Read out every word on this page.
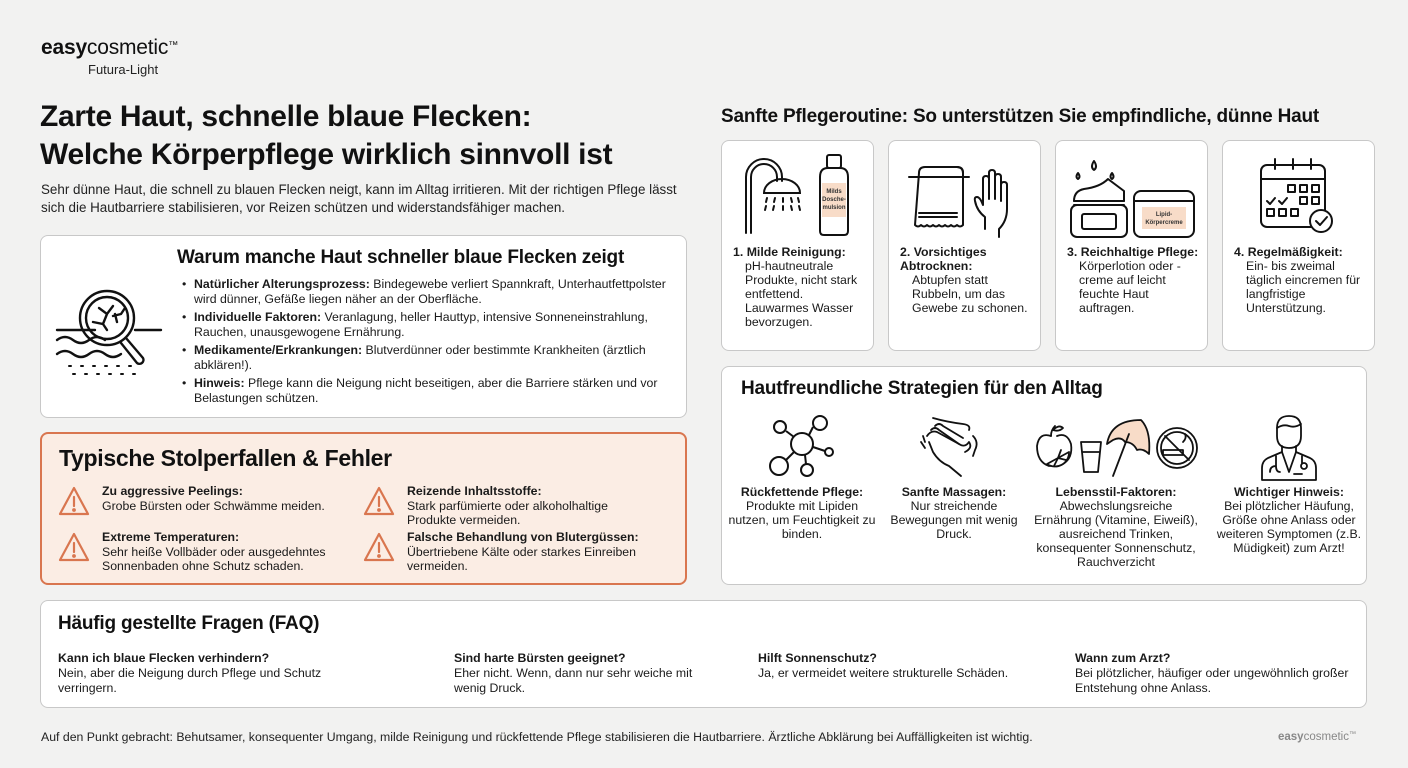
easycosmetic™
Futura-Light
Zarte Haut, schnelle blaue Flecken:
Welche Körperpflege wirklich sinnvoll ist

Sehr dünne Haut, die schnell zu blauen Flecken neigt, kann im Alltag irritieren. Mit der richtigen Pflege lässt sich die Hautbarriere stabilisieren, vor Reizen schützen und widerstandsfähiger machen.

Warum manche Haut schneller blaue Flecken zeigt
• Natürlicher Alterungsprozess: Bindegewebe verliert Spannkraft, Unterhautfettpolster wird dünner, Gefäße liegen näher an der Oberfläche.
• Individuelle Faktoren: Veranlagung, heller Hauttyp, intensive Sonneneinstrahlung, Rauchen, unausgewogene Ernährung.
• Medikamente/Erkrankungen: Blutverdünner oder bestimmte Krankheiten (ärztlich abklären!).
• Hinweis: Pflege kann die Neigung nicht beseitigen, aber die Barriere stärken und vor Belastungen schützen.
Typische Stolperfallen & Fehler
Zu aggressive Peelings:
Grobe Bürsten oder Schwämme meiden.
Reizende Inhaltsstoffe:
Stark parfümierte oder alkoholhaltige Produkte vermeiden.
Extreme Temperaturen:
Sehr heiße Vollbäder oder ausgedehntes Sonnenbaden ohne Schutz schaden.
Falsche Behandlung von Blutergüssen:
Übertriebene Kälte oder starkes Einreiben vermeiden.
Sanfte Pflegeroutine: So unterstützen Sie empfindliche, dünne Haut
Milds
Dosche-
mulsion
1. Milde Reinigung:
pH-hautneutrale Produkte, nicht stark entfettend. Lauwarmes Wasser bevorzugen.
2. Vorsichtiges Abtrocknen:
Abtupfen statt Rubbeln, um das Gewebe zu schonen.
Lipid-
Körpercreme
3. Reichhaltige Pflege:
Körperlotion oder -creme auf leicht feuchte Haut auftragen.
4. Regelmäßigkeit:
Ein- bis zweimal täglich eincremen für langfristige Unterstützung.
Hautfreundliche Strategien für den Alltag
Rückfettende Pflege:
Produkte mit Lipiden nutzen, um Feuchtigkeit zu binden.
Sanfte Massagen:
Nur streichende Bewegungen mit wenig Druck.
Lebensstil-Faktoren:
Abwechslungsreiche Ernährung (Vitamine, Eiweiß), ausreichend Trinken, konsequenter Sonnenschutz, Rauchverzicht
Wichtiger Hinweis:
Bei plötzlicher Häufung, Größe ohne Anlass oder weiteren Symptomen (z.B. Müdigkeit) zum Arzt!
Häufig gestellte Fragen (FAQ)
Kann ich blaue Flecken verhindern?
Nein, aber die Neigung durch Pflege und Schutz verringern.
Sind harte Bürsten geeignet?
Eher nicht. Wenn, dann nur sehr weiche mit wenig Druck.
Hilft Sonnenschutz?
Ja, er vermeidet weitere strukturelle Schäden.
Wann zum Arzt?
Bei plötzlicher, häufiger oder ungewöhnlich großer Entstehung ohne Anlass.

Auf den Punkt gebracht: Behutsamer, konsequenter Umgang, milde Reinigung und rückfettende Pflege stabilisieren die Hautbarriere. Ärztliche Abklärung bei Auffälligkeiten ist wichtig.	easycosmetic™
